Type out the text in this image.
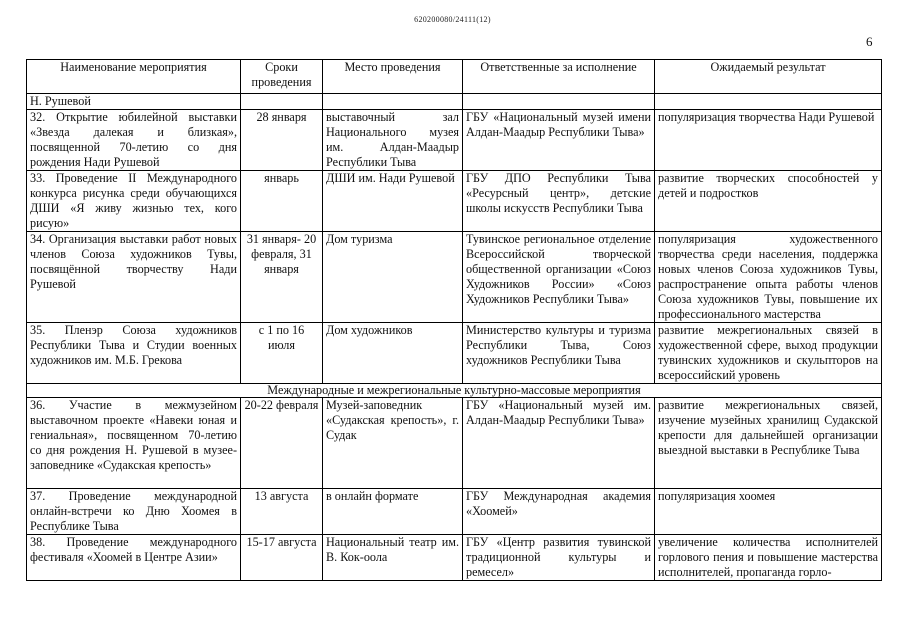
620200080/24111(12)
6
Наименование мероприятия	Сроки проведения	Место проведения	Ответственные за исполнение	Ожидаемый результат
Н. Рушевой				
32. Открытие юбилейной выставки «Звезда далекая и близкая», посвященной 70-летию со дня рождения Нади Рушевой	28 января	выставочный зал Национального музея им. Алдан-Маадыр Республики Тыва	ГБУ «Национальный музей имени Алдан-Маадыр Республики Тыва»	популяризация творчества Нади Рушевой
33. Проведение II Международного конкурса рисунка среди обучающихся ДШИ «Я живу жизнью тех, кого рисую»	январь	ДШИ им. Нади Рушевой	ГБУ ДПО Республики Тыва «Ресурсный центр», детские школы искусств Республики Тыва	развитие творческих способностей у детей и подростков
34. Организация выставки работ новых членов Союза художников Тувы, посвящённой творчеству Нади Рушевой	31 января- 20 февраля, 31 января	Дом туризма	Тувинское региональное отделение Всероссийской творческой общественной организации «Союз Художников России» «Союз Художников Республики Тыва»	популяризация художественного творчества среди населения, поддержка новых членов Союза художников Тувы, распространение опыта работы членов Союза художников Тувы, повышение их профессионального мастерства
35. Пленэр Союза художников Республики Тыва и Студии военных художников им. М.Б. Грекова	с 1 по 16 июля	Дом художников	Министерство культуры и туризма Республики Тыва, Союз художников Республики Тыва	развитие межрегиональных связей в художественной сфере, выход продукции тувинских художников и скульпторов на всероссийский уровень
Международные и межрегиональные культурно-массовые мероприятия				
36. Участие в межмузейном выставочном проекте «Навеки юная и гениальная», посвященном 70-летию со дня рождения Н. Рушевой в музее-заповеднике «Судакская крепость»	20-22 февраля	Музей-заповедник «Судакская крепость», г. Судак	ГБУ «Национальный музей им. Алдан-Маадыр Республики Тыва»	развитие межрегиональных связей, изучение музейных хранилищ Судакской крепости для дальнейшей организации выездной выставки в Республике Тыва
37. Проведение международной онлайн-встречи ко Дню Хоомея в Республике Тыва	13 августа	в онлайн формате	ГБУ Международная академия «Хоомей»	популяризация хоомея
38. Проведение международного фестиваля «Хоомей в Центре Азии»	15-17 августа	Национальный театр им. В. Кок-оола	ГБУ «Центр развития тувинской традиционной культуры и ремесел»	увеличение количества исполнителей горлового пения и повышение мастерства исполнителей, пропаганда горло-
